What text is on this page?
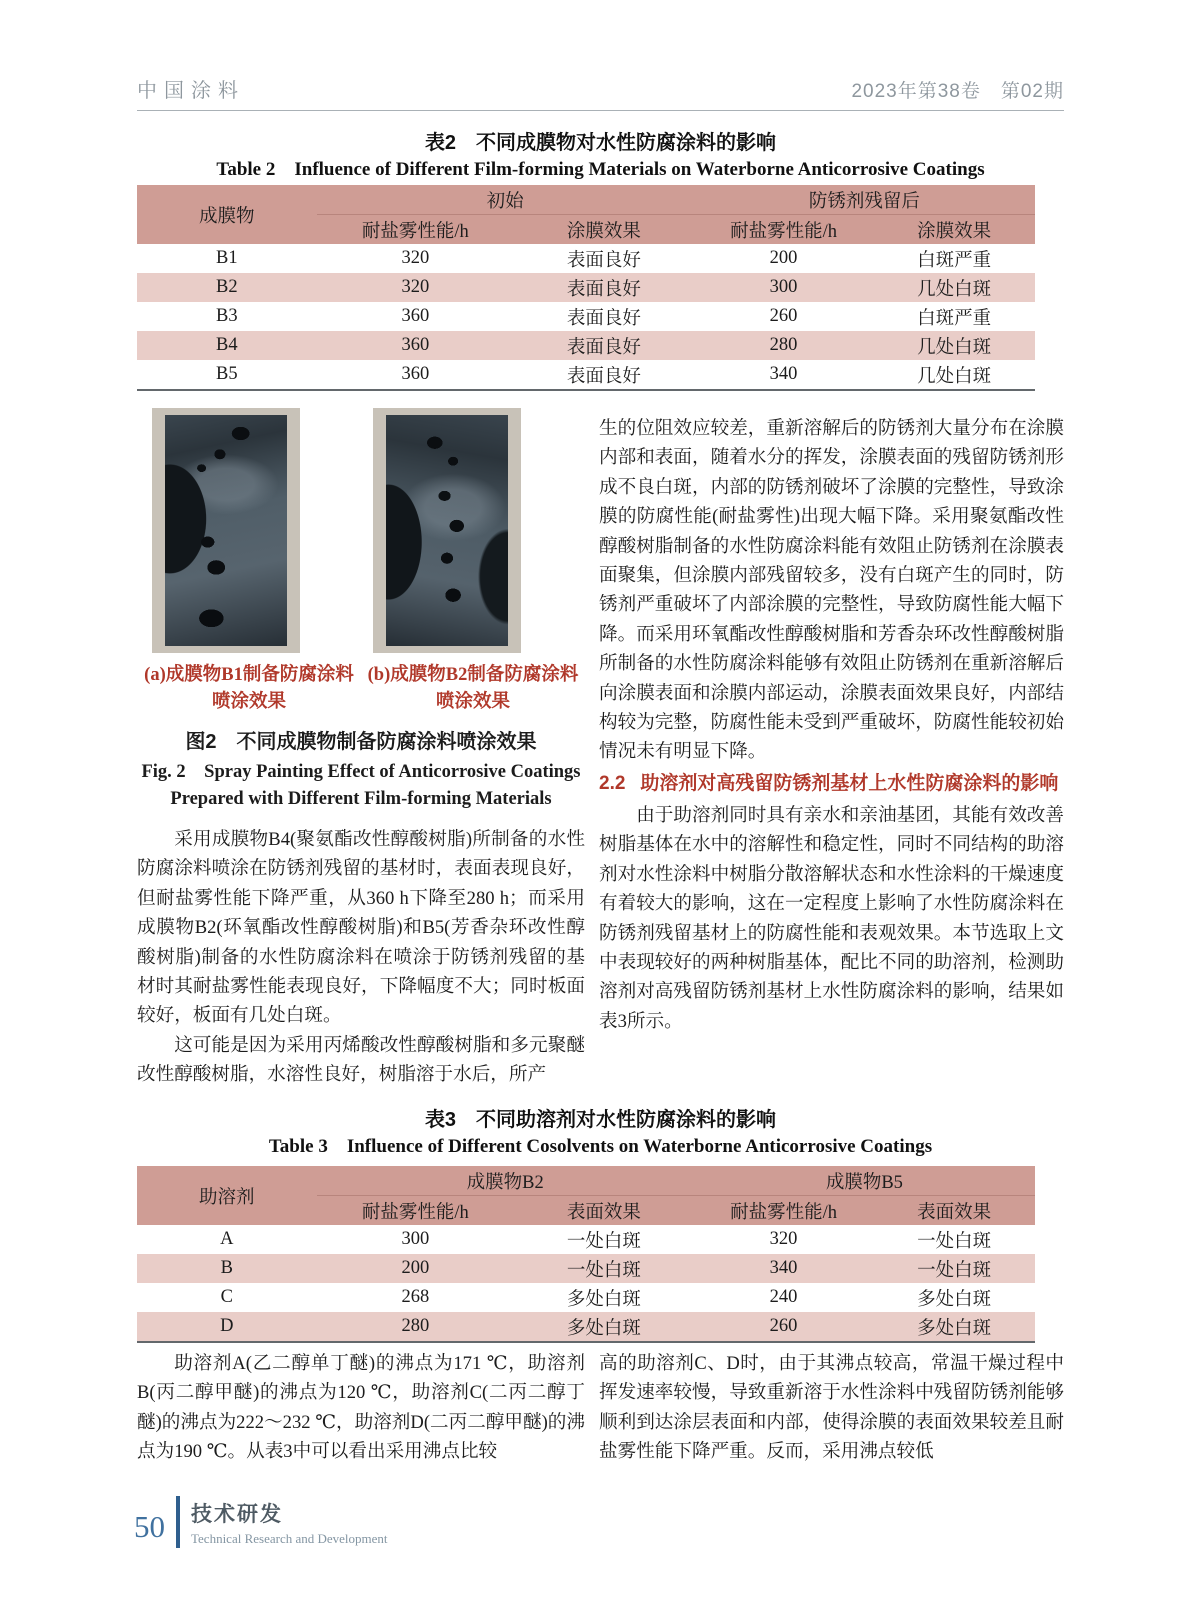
中国涂料	2023年第38卷　第02期
表2　不同成膜物对水性防腐涂料的影响
Table 2　Influence of Different Film-forming Materials on Waterborne Anticorrosive Coatings
成膜物	初始		防锈剂残留后	
	耐盐雾性能/h	涂膜效果	耐盐雾性能/h	涂膜效果
B1	320	表面良好	200	白斑严重
B2	320	表面良好	300	几处白斑
B3	360	表面良好	260	白斑严重
B4	360	表面良好	280	几处白斑
B5	360	表面良好	340	几处白斑
(a)成膜物B1制备防腐涂料
喷涂效果
(b)成膜物B2制备防腐涂料
喷涂效果
图2　不同成膜物制备防腐涂料喷涂效果
Fig. 2　Spray Painting Effect of Anticorrosive Coatings
Prepared with Different Film-forming Materials

采用成膜物B4(聚氨酯改性醇酸树脂)所制备的水性防腐涂料喷涂在防锈剂残留的基材时，表面表现良好，但耐盐雾性能下降严重，从360 h下降至280 h；而采用成膜物B2(环氧酯改性醇酸树脂)和B5(芳香杂环改性醇酸树脂)制备的水性防腐涂料在喷涂于防锈剂残留的基材时其耐盐雾性能表现良好，下降幅度不大；同时板面较好，板面有几处白斑。

这可能是因为采用丙烯酸改性醇酸树脂和多元聚醚改性醇酸树脂，水溶性良好，树脂溶于水后，所产

生的位阻效应较差，重新溶解后的防锈剂大量分布在涂膜内部和表面，随着水分的挥发，涂膜表面的残留防锈剂形成不良白斑，内部的防锈剂破坏了涂膜的完整性，导致涂膜的防腐性能(耐盐雾性)出现大幅下降。采用聚氨酯改性醇酸树脂制备的水性防腐涂料能有效阻止防锈剂在涂膜表面聚集，但涂膜内部残留较多，没有白斑产生的同时，防锈剂严重破坏了内部涂膜的完整性，导致防腐性能大幅下降。而采用环氧酯改性醇酸树脂和芳香杂环改性醇酸树脂所制备的水性防腐涂料能够有效阻止防锈剂在重新溶解后向涂膜表面和涂膜内部运动，涂膜表面效果良好，内部结构较为完整，防腐性能未受到严重破坏，防腐性能较初始情况未有明显下降。

2.2 助溶剂对高残留防锈剂基材上水性防腐涂料的影响

由于助溶剂同时具有亲水和亲油基团，其能有效改善树脂基体在水中的溶解性和稳定性，同时不同结构的助溶剂对水性涂料中树脂分散溶解状态和水性涂料的干燥速度有着较大的影响，这在一定程度上影响了水性防腐涂料在防锈剂残留基材上的防腐性能和表观效果。本节选取上文中表现较好的两种树脂基体，配比不同的助溶剂，检测助溶剂对高残留防锈剂基材上水性防腐涂料的影响，结果如表3所示。

表3　不同助溶剂对水性防腐涂料的影响
Table 3　Influence of Different Cosolvents on Waterborne Anticorrosive Coatings
助溶剂	成膜物B2		成膜物B5	
	耐盐雾性能/h	表面效果	耐盐雾性能/h	表面效果
A	300	一处白斑	320	一处白斑
B	200	一处白斑	340	一处白斑
C	268	多处白斑	240	多处白斑
D	280	多处白斑	260	多处白斑

助溶剂A(乙二醇单丁醚)的沸点为171 ℃，助溶剂B(丙二醇甲醚)的沸点为120 ℃，助溶剂C(二丙二醇丁醚)的沸点为222～232 ℃，助溶剂D(二丙二醇甲醚)的沸点为190 ℃。从表3中可以看出采用沸点比较

高的助溶剂C、D时，由于其沸点较高，常温干燥过程中挥发速率较慢，导致重新溶于水性涂料中残留防锈剂能够顺利到达涂层表面和内部，使得涂膜的表面效果较差且耐盐雾性能下降严重。反而，采用沸点较低

50 技术研发
Technical Research and Development
